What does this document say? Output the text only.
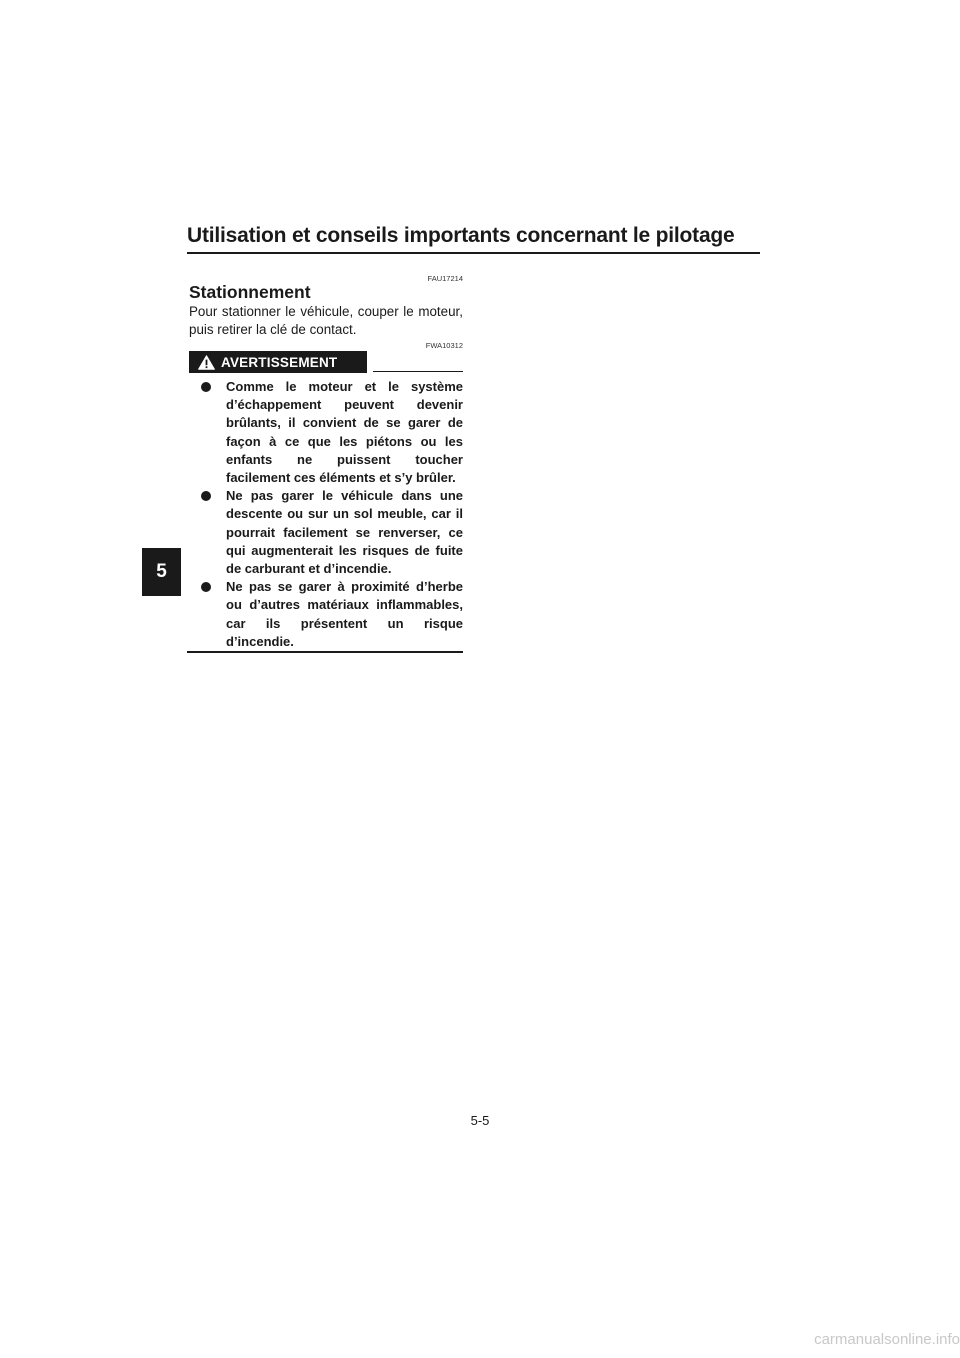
Utilisation et conseils importants concernant le pilotage
5
FAU17214
Stationnement
Pour stationner le véhicule, couper le moteur, puis retirer la clé de contact.
FWA10312
AVERTISSEMENT
Comme le moteur et le système d’échappement peuvent devenir brûlants, il convient de se garer de façon à ce que les piétons ou les enfants ne puissent toucher facilement ces éléments et s’y brûler.
Ne pas garer le véhicule dans une descente ou sur un sol meuble, car il pourrait facilement se renverser, ce qui augmenterait les risques de fuite de carburant et d’incendie.
Ne pas se garer à proximité d’herbe ou d’autres matériaux inflammables, car ils présentent un risque d’incendie.
5-5
carmanualsonline.info
